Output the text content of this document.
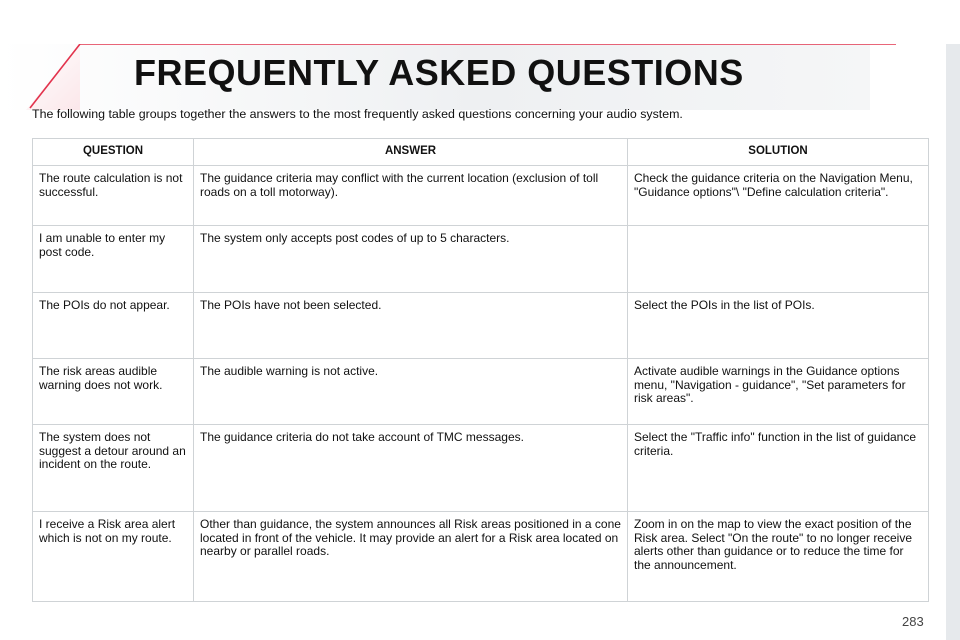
FREQUENTLY ASKED QUESTIONS

The following table groups together the answers to the most frequently asked questions concerning your audio system.

QUESTION	ANSWER	SOLUTION
The route calculation is not successful.	The guidance criteria may conflict with the current location (exclusion of toll roads on a toll motorway).	Check the guidance criteria on the Navigation Menu, "Guidance options"\ "Define calculation criteria".
I am unable to enter my post code.	The system only accepts post codes of up to 5 characters.	
The POIs do not appear.	The POIs have not been selected.	Select the POIs in the list of POIs.
The risk areas audible warning does not work.	The audible warning is not active.	Activate audible warnings in the Guidance options menu, "Navigation - guidance", "Set parameters for risk areas".
The system does not suggest a detour around an incident on the route.	The guidance criteria do not take account of TMC messages.	Select the "Traffic info" function in the list of guidance criteria.
I receive a Risk area alert which is not on my route.	Other than guidance, the system announces all Risk areas positioned in a cone located in front of the vehicle. It may provide an alert for a Risk area located on nearby or parallel roads.	Zoom in on the map to view the exact position of the Risk area. Select "On the route" to no longer receive alerts other than guidance or to reduce the time for the announcement.
283
